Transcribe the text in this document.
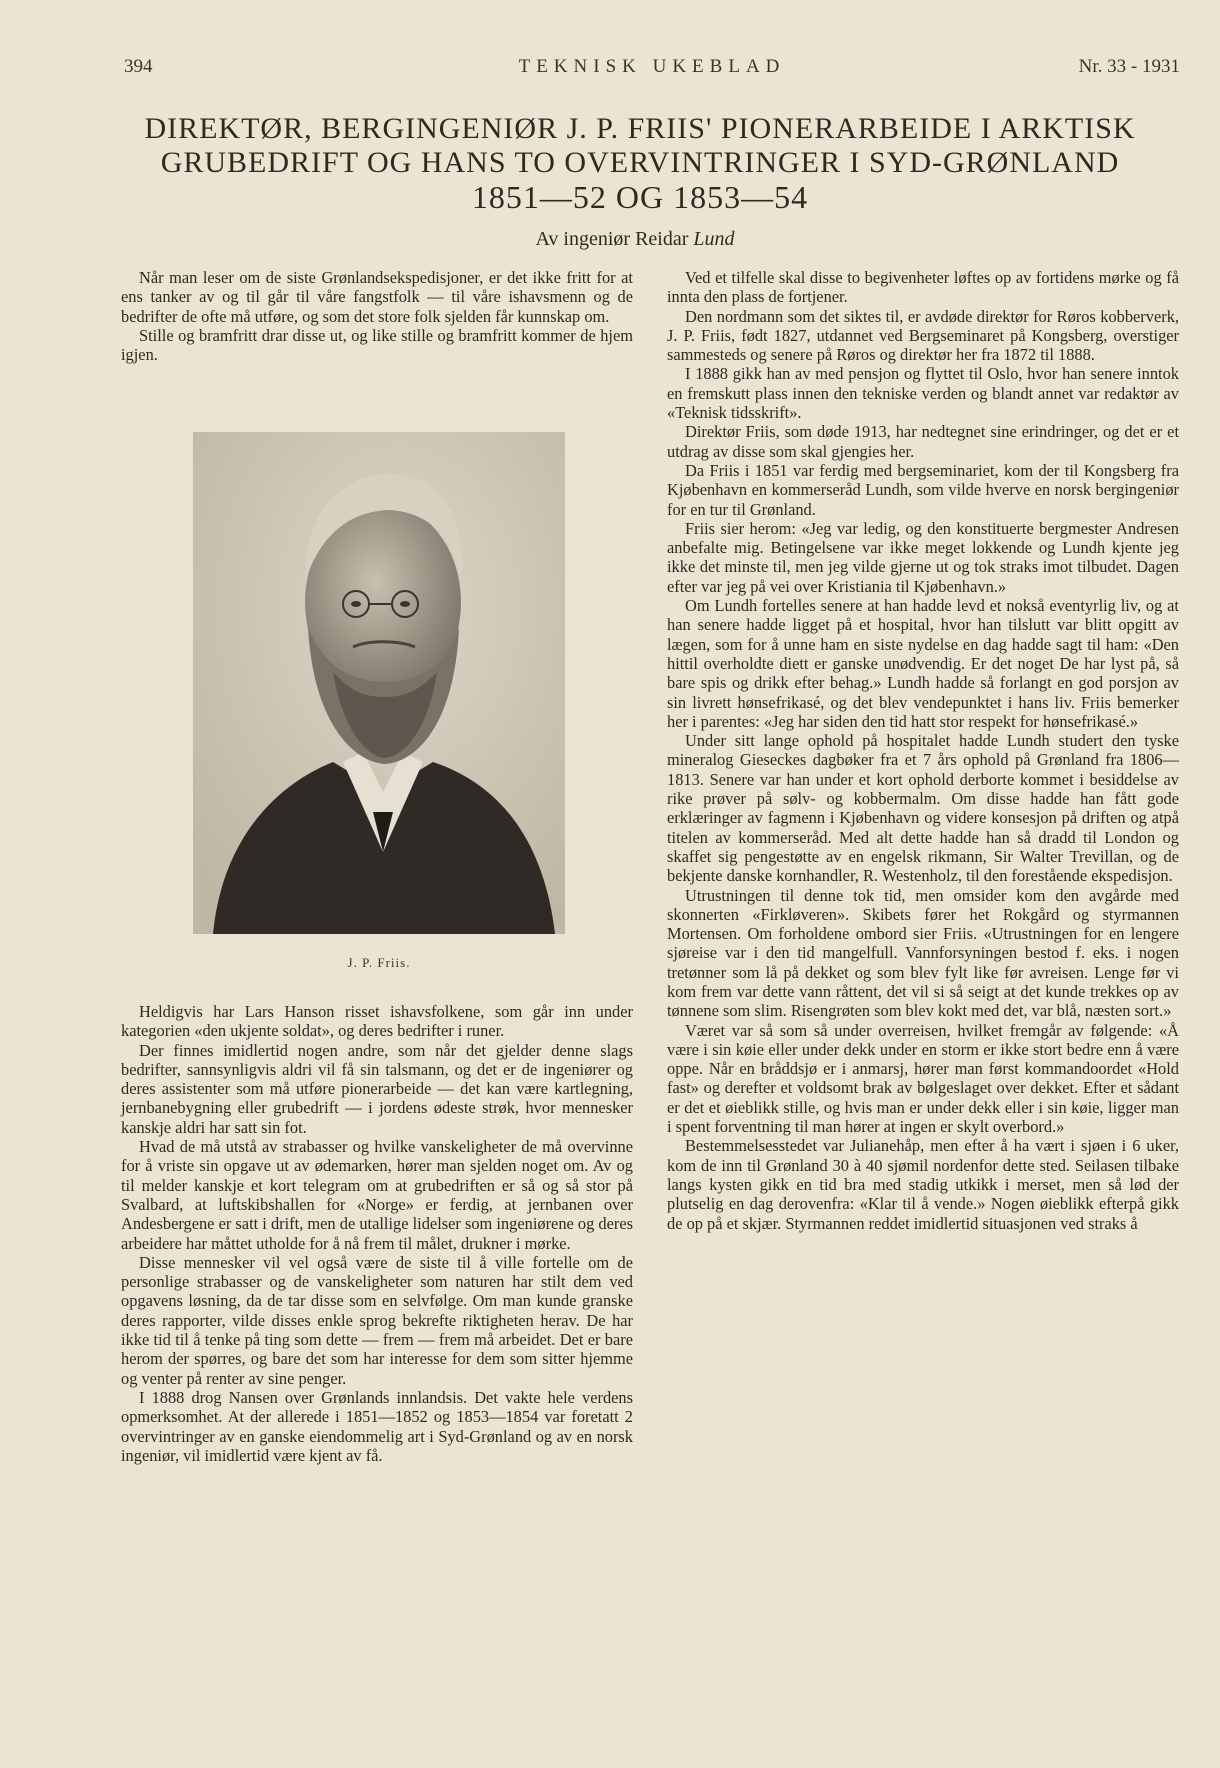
394	TEKNISK UKEBLAD	Nr. 33 - 1931
DIREKTØR, BERGINGENIØR J. P. FRIIS' PIONERARBEIDE I ARKTISK
GRUBEDRIFT OG HANS TO OVERVINTRINGER I SYD-GRØNLAND
1851—52 OG 1853—54
Av ingeniør Reidar Lund

Når man leser om de siste Grønlandsekspedisjoner, er det ikke fritt for at ens tanker av og til går til våre fangstfolk — til våre ishavsmenn og de bedrifter de ofte må utføre, og som det store folk sjelden får kunnskap om.

Stille og bramfritt drar disse ut, og like stille og bramfritt kommer de hjem igjen.

J. P. Friis.

Heldigvis har Lars Hanson risset ishavsfolkene, som går inn under kategorien «den ukjente soldat», og deres bedrifter i runer.

Der finnes imidlertid nogen andre, som når det gjelder denne slags bedrifter, sannsynligvis aldri vil få sin talsmann, og det er de ingeniører og deres assistenter som må utføre pionerarbeide — det kan være kartlegning, jernbanebygning eller grubedrift — i jordens ødeste strøk, hvor mennesker kanskje aldri har satt sin fot.

Hvad de må utstå av strabasser og hvilke vanskeligheter de må overvinne for å vriste sin opgave ut av ødemarken, hører man sjelden noget om. Av og til melder kanskje et kort telegram om at grubedriften er så og så stor på Svalbard, at luftskibshallen for «Norge» er ferdig, at jernbanen over Andesbergene er satt i drift, men de utallige lidelser som ingeniørene og deres arbeidere har måttet utholde for å nå frem til målet, drukner i mørke.

Disse mennesker vil vel også være de siste til å ville fortelle om de personlige strabasser og de vanskeligheter som naturen har stilt dem ved opgavens løsning, da de tar disse som en selvfølge. Om man kunde granske deres rapporter, vilde disses enkle sprog bekrefte riktigheten herav. De har ikke tid til å tenke på ting som dette — frem — frem må arbeidet. Det er bare herom der spørres, og bare det som har interesse for dem som sitter hjemme og venter på renter av sine penger.

I 1888 drog Nansen over Grønlands innlandsis. Det vakte hele verdens opmerksomhet. At der allerede i 1851—1852 og 1853—1854 var foretatt 2 overvintringer av en ganske eiendommelig art i Syd-Grønland og av en norsk ingeniør, vil imidlertid være kjent av få.

Ved et tilfelle skal disse to begivenheter løftes op av fortidens mørke og få innta den plass de fortjener.

Den nordmann som det siktes til, er avdøde direktør for Røros kobberverk, J. P. Friis, født 1827, utdannet ved Bergseminaret på Kongsberg, overstiger sammesteds og senere på Røros og direktør her fra 1872 til 1888.

I 1888 gikk han av med pensjon og flyttet til Oslo, hvor han senere inntok en fremskutt plass innen den tekniske verden og blandt annet var redaktør av «Teknisk tidsskrift».

Direktør Friis, som døde 1913, har nedtegnet sine erindringer, og det er et utdrag av disse som skal gjengies her.

Da Friis i 1851 var ferdig med bergseminariet, kom der til Kongsberg fra Kjøbenhavn en kommerseråd Lundh, som vilde hverve en norsk bergingeniør for en tur til Grønland.

Friis sier herom: «Jeg var ledig, og den konstituerte bergmester Andresen anbefalte mig. Betingelsene var ikke meget lokkende og Lundh kjente jeg ikke det minste til, men jeg vilde gjerne ut og tok straks imot tilbudet. Dagen efter var jeg på vei over Kristiania til Kjøbenhavn.»

Om Lundh fortelles senere at han hadde levd et nokså eventyrlig liv, og at han senere hadde ligget på et hospital, hvor han tilslutt var blitt opgitt av lægen, som for å unne ham en siste nydelse en dag hadde sagt til ham: «Den hittil overholdte diett er ganske unødvendig. Er det noget De har lyst på, så bare spis og drikk efter behag.» Lundh hadde så forlangt en god porsjon av sin livrett hønsefrikasé, og det blev vendepunktet i hans liv. Friis bemerker her i parentes: «Jeg har siden den tid hatt stor respekt for hønsefrikasé.»

Under sitt lange ophold på hospitalet hadde Lundh studert den tyske mineralog Gieseckes dagbøker fra et 7 års ophold på Grønland fra 1806—1813. Senere var han under et kort ophold derborte kommet i besiddelse av rike prøver på sølv- og kobbermalm. Om disse hadde han fått gode erklæringer av fagmenn i Kjøbenhavn og videre konsesjon på driften og atpå titelen av kommerseråd. Med alt dette hadde han så dradd til London og skaffet sig pengestøtte av en engelsk rikmann, Sir Walter Trevillan, og de bekjente danske kornhandler, R. Westenholz, til den forestående ekspedisjon.

Utrustningen til denne tok tid, men omsider kom den avgårde med skonnerten «Firkløveren». Skibets fører het Rokgård og styrmannen Mortensen. Om forholdene ombord sier Friis. «Utrustningen for en lengere sjøreise var i den tid mangelfull. Vannforsyningen bestod f. eks. i nogen tretønner som lå på dekket og som blev fylt like før avreisen. Lenge før vi kom frem var dette vann råttent, det vil si så seigt at det kunde trekkes op av tønnene som slim. Risengrøten som blev kokt med det, var blå, næsten sort.»

Været var så som så under overreisen, hvilket fremgår av følgende: «Å være i sin køie eller under dekk under en storm er ikke stort bedre enn å være oppe. Når en bråddsjø er i anmarsj, hører man først kommandoordet «Hold fast» og derefter et voldsomt brak av bølgeslaget over dekket. Efter et sådant er det et øieblikk stille, og hvis man er under dekk eller i sin køie, ligger man i spent forventning til man hører at ingen er skylt overbord.»

Bestemmelsesstedet var Julianehåp, men efter å ha vært i sjøen i 6 uker, kom de inn til Grønland 30 à 40 sjømil nordenfor dette sted. Seilasen tilbake langs kysten gikk en tid bra med stadig utkikk i merset, men så lød der plutselig en dag derovenfra: «Klar til å vende.» Nogen øieblikk efterpå gikk de op på et skjær. Styrmannen reddet imidlertid situasjonen ved straks å
